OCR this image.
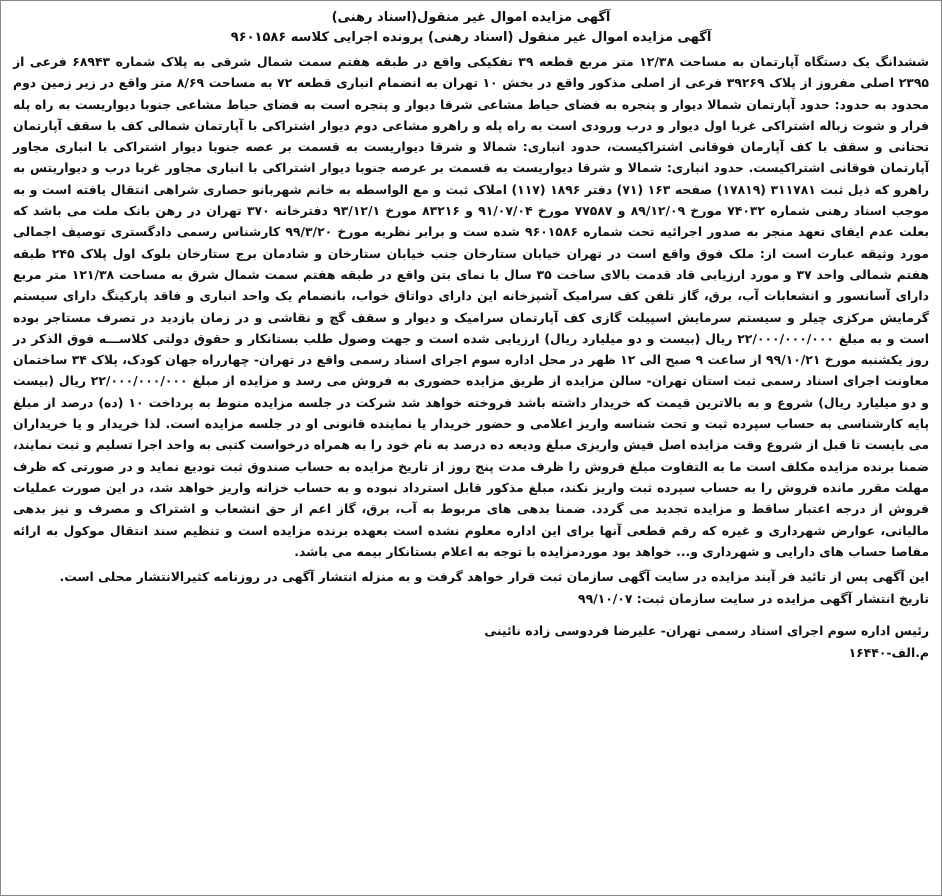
آگهی مزایده اموال غیر منقول(اسناد رهنی)
آگهی مزایده اموال غیر منقول (اسناد رهنی) پرونده اجرایی کلاسه ۹۶۰۱۵۸۶

ششدانگ یک دستگاه آپارتمان به مساحت ۱۲/۳۸ متر مربع قطعه ۳۹ تفکیکی واقع در طبقه هفتم سمت شمال شرقی به پلاک شماره ۶۸۹۴۳ فرعی از ۲۳۹۵ اصلی مفروز از پلاک ۳۹۲۶۹ فرعی از اصلی مذکور واقع در بخش ۱۰ تهران به انضمام انباری قطعه ۷۲ به مساحت ۸/۶۹ متر واقع در زیر زمین دوم محدود به حدود: حدود آپارتمان شمالا دیوار و پنجره به فضای حیاط مشاعی شرقا دیوار و پنجره است به فضای حیاط مشاعی جنوبا دیواریست به راه پله فرار و شوت زباله اشتراکی غربا اول دیوار و درب ورودی است به راه پله و راهرو مشاعی دوم دیوار اشتراکی با آپارتمان شمالی کف با سقف آپارتمان تحتانی و سقف با کف آپارمان فوقانی اشتراکیست، حدود انباری: شمالا و شرقا دیواریست به قسمت بر عصه جنوبا دیوار اشتراکی با انباری مجاور آپارتمان فوقانی اشتراکیست. حدود انباری: شمالا و شرقا دیواریست به قسمت بر عرصه جنوبا دیوار اشتراکی با انباری مجاور غربا درب و دیواریتس به راهرو که ذیل ثبت ۳۱۱۷۸۱ (۱۷۸۱۹) صفحه ۱۶۳ (۷۱) دفتر ۱۸۹۶ (۱۱۷) املاک ثبت و مع الواسطه به خانم شهربانو حصاری شراهی انتقال یافته است و به موجب اسناد رهنی شماره ۷۴۰۳۲ مورخ ۸۹/۱۲/۰۹ و ۷۷۵۸۷ مورخ ۹۱/۰۷/۰۴ و ۸۳۲۱۶ مورخ ۹۳/۱۲/۱ دفترخانه ۳۷۰ تهران در رهن بانک ملت می باشد که بعلت عدم ایفای تعهد منجر به صدور اجرائیه تحت شماره ۹۶۰۱۵۸۶ شده ست و برابر نظریه مورخ ۹۹/۳/۲۰ کارشناس رسمی دادگستری توصیف اجمالی مورد وثیقه عبارت است از: ملک فوق واقع است در تهران خیابان ستارخان جنب خیابان ستارخان و شادمان برج ستارخان بلوک اول پلاک ۲۴۵ طبقه هفتم شمالی واحد ۳۷ و مورد ارزیابی قاد قدمت بالای ساخت ۳۵ سال با نمای بتن واقع در طبقه هفتم سمت شمال شرق به مساحت ۱۲۱/۳۸ متر مربع دارای آسانسور و انشعابات آب، برق، گاز تلفن کف سرامیک آشپزخانه این دارای دواتاق خواب، بانضمام یک واحد انباری و فاقد پارکینگ دارای سیستم گرمایش مرکزی چیلر و سیستم سرمایش اسپیلت گازی کف آپارتمان سرامیک و دیوار و سقف گچ و نقاشی و در زمان بازدید در تصرف مستاجر بوده است و به مبلغ ۲۲/۰۰۰/۰۰۰/۰۰۰ ریال (بیست و دو میلیارد ریال) ارزیابی شده است و جهت وصول طلب بستانکار و حقوق دولتی کلاســـه فوق الذکر در روز یکشنبه مورخ ۹۹/۱۰/۲۱ از ساعت ۹ صبح الی ۱۲ ظهر در محل اداره سوم اجرای اسناد رسمی واقع در تهران- چهارراه جهان کودک، پلاک ۳۴ ساختمان معاونت اجرای اسناد رسمی ثبت استان تهران- سالن مزایده از طریق مزایده حضوری به فروش می رسد و مزایده از مبلغ ۲۲/۰۰۰/۰۰۰/۰۰۰ ریال (بیست و دو میلیارد ریال) شروع و به بالاترین قیمت که خریدار داشته باشد فروخته خواهد شد شرکت در جلسه مزایده منوط به پرداخت ۱۰ (ده) درصد از مبلغ پایه کارشناسی به حساب سپرده ثبت و تحت شناسه واریز اعلامی و حضور خریدار یا نماینده قانونی او در جلسه مزایده است. لذا خریدار و یا خریداران می بایست تا قبل از شروع وقت مزایده اصل فیش واریزی مبلغ ودیعه ده درصد به نام خود را به همراه درخواست کتبی به واحد اجرا تسلیم و ثبت نمایند، ضمنا برنده مزایده مکلف است ما به التفاوت مبلغ فروش را ظرف مدت پنج روز از تاریخ مزایده به حساب صندوق ثبت تودیع نماید و در صورتی که ظرف مهلت مقرر مانده فروش را به حساب سپرده ثبت واریز نکند، مبلغ مذکور قابل استرداد نبوده و به حساب خزانه واریز خواهد شد، در این صورت عملیات فروش از درجه اعتبار ساقط و مزایده تجدید می گردد. ضمنا بدهی های مربوط به آب، برق، گاز اعم از حق انشعاب و اشتراک و مصرف و نیز بدهی مالیاتی، عوارض شهرداری و غیره که رقم قطعی آنها برای این اداره معلوم نشده است بعهده برنده مزایده است و تنظیم سند انتقال موکول به ارائه مفاصا حساب های دارایی و شهرداری و... خواهد بود موردمزایده با توجه به اعلام بستانکار بیمه می باشد.

این آگهی پس از تائید فر آیند مزایده در سایت آگهی سازمان ثبت قرار خواهد گرفت و به منزله انتشار آگهی در روزنامه کثیرالانتشار محلی است.

تاریخ انتشار آگهی مزایده در سایت سازمان ثبت: ۹۹/۱۰/۰۷

رئیس اداره سوم اجرای اسناد رسمی تهران- علیرضا فردوسی زاده نائینی

م.الف-۱۶۴۴۰
